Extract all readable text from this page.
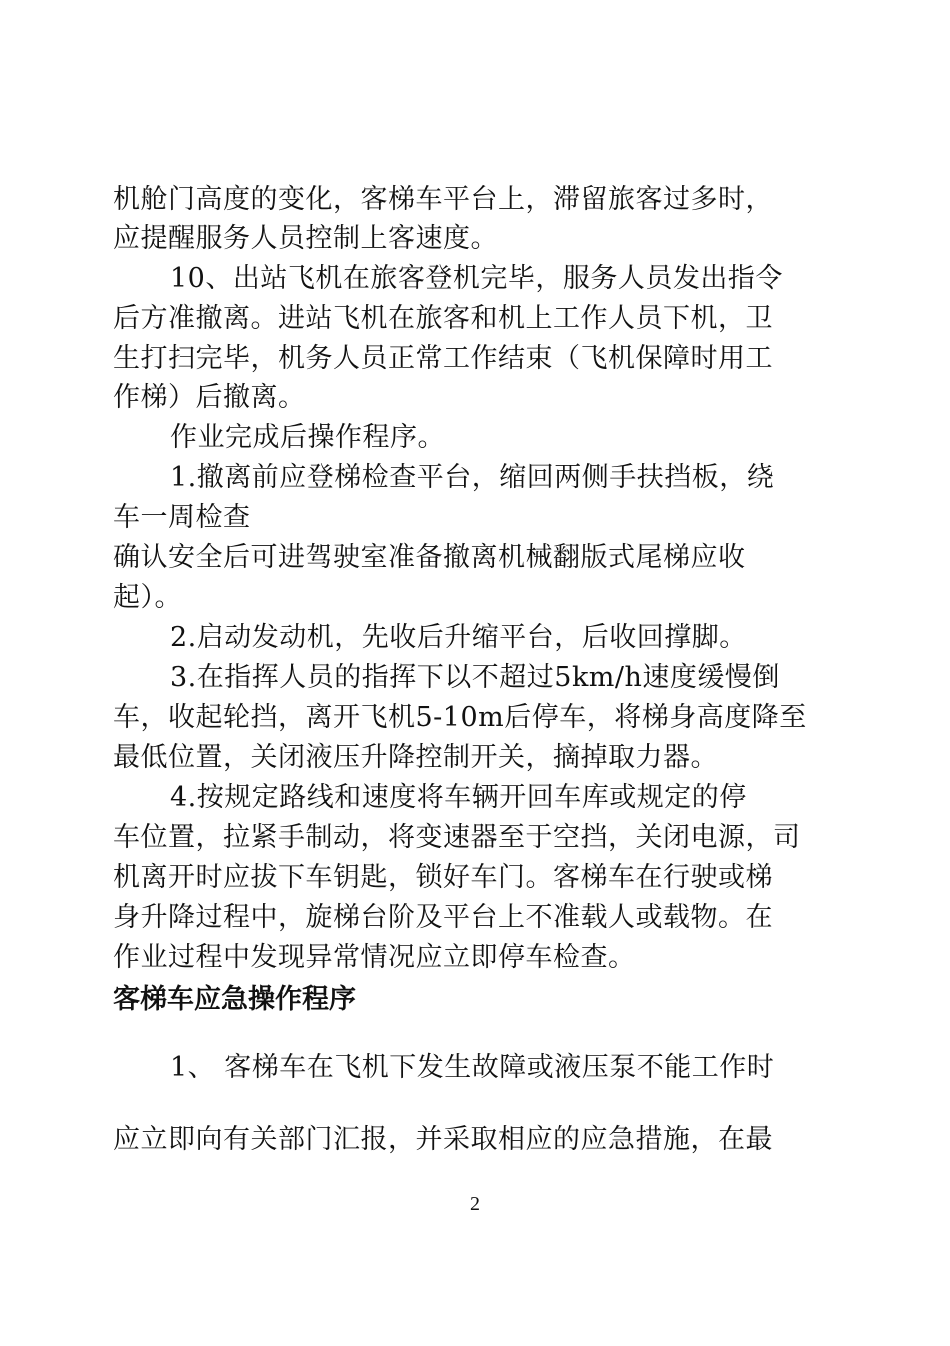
机舱门高度的变化，客梯车平台上，滞留旅客过多时，
应提醒服务人员控制上客速度。
10、出站飞机在旅客登机完毕，服务人员发出指令
后方准撤离。进站飞机在旅客和机上工作人员下机，卫
生打扫完毕，机务人员正常工作结束（飞机保障时用工
作梯）后撤离。
作业完成后操作程序。
1.撤离前应登梯检查平台，缩回两侧手扶挡板，绕
车一周检查
确认安全后可进驾驶室准备撤离机械翻版式尾梯应收
起）。
2.启动发动机，先收后升缩平台，后收回撑脚。
3.在指挥人员的指挥下以不超过5km/h速度缓慢倒
车，收起轮挡，离开飞机5-10m后停车，将梯身高度降至
最低位置，关闭液压升降控制开关，摘掉取力器。
4.按规定路线和速度将车辆开回车库或规定的停
车位置，拉紧手制动，将变速器至于空挡，关闭电源，司
机离开时应拔下车钥匙，锁好车门。客梯车在行驶或梯
身升降过程中，旋梯台阶及平台上不准载人或载物。在
作业过程中发现异常情况应立即停车检查。
客梯车应急操作程序
1、 客梯车在飞机下发生故障或液压泵不能工作时
应立即向有关部门汇报，并采取相应的应急措施，在最
2
